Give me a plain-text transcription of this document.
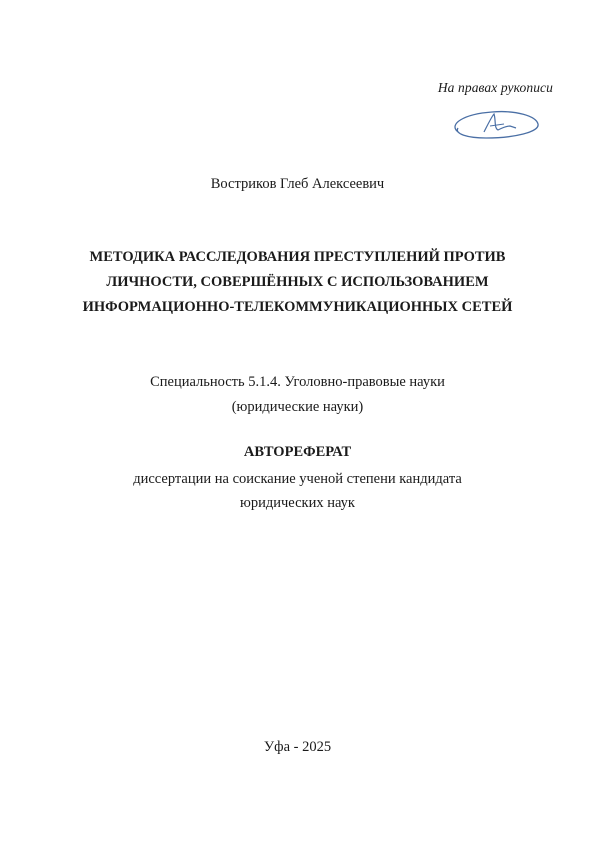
На правах рукописи
Востриков Глеб Алексеевич
МЕТОДИКА РАССЛЕДОВАНИЯ ПРЕСТУПЛЕНИЙ ПРОТИВ
ЛИЧНОСТИ, СОВЕРШЁННЫХ С ИСПОЛЬЗОВАНИЕМ
ИНФОРМАЦИОННО-ТЕЛЕКОММУНИКАЦИОННЫХ СЕТЕЙ
Специальность 5.1.4. Уголовно-правовые науки
(юридические науки)
АВТОРЕФЕРАТ
диссертации на соискание ученой степени кандидата
юридических наук
Уфа - 2025
